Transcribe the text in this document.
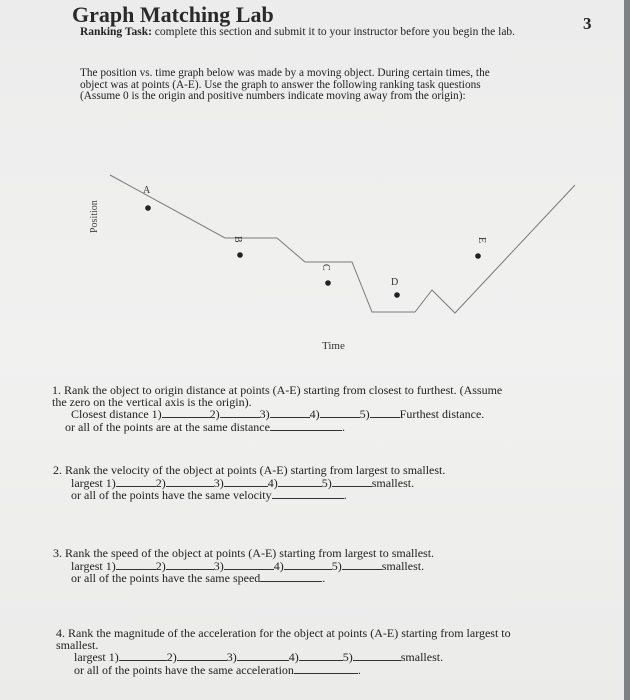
Graph Matching Lab	3
Ranking Task: complete this section and submit it to your instructor before you begin the lab.
The position vs. time graph below was made by a moving object. During certain times, the
object was at points (A-E). Use the graph to answer the following ranking task questions
(Assume 0 is the origin and positive numbers indicate moving away from the origin):
A
B
C
D
E
Position
Time
1. Rank the object to origin distance at points (A-E) starting from closest to furthest. (Assume
the zero on the vertical axis is the origin).
Closest distance 1)	2)	3)	4)	5)	Furthest distance.
or all of the points are at the same distance	.
2. Rank the velocity of the object at points (A-E) starting from largest to smallest.
largest 1)	2)	3)	4)	5)	smallest.
or all of the points have the same velocity	.
3. Rank the speed of the object at points (A-E) starting from largest to smallest.
largest 1)	2)	3)	4)	5)	smallest.
or all of the points have the same speed	.
4. Rank the magnitude of the acceleration for the object at points (A-E) starting from largest to
smallest.
largest 1)	2)	3)	4)	5)	smallest.
or all of the points have the same acceleration	.
